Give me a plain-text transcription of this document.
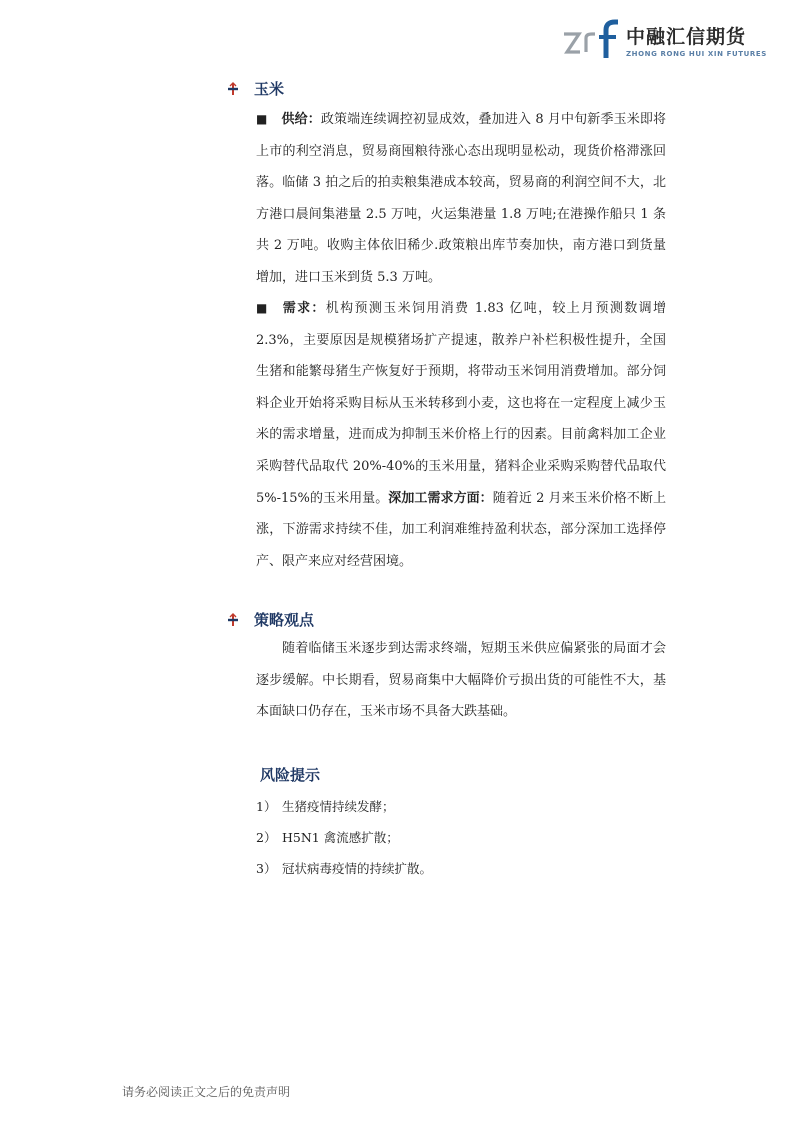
中融汇信期货
ZHONG RONG HUI XIN FUTURES
玉米

■ 供给：政策端连续调控初显成效，叠加进入 8 月中旬新季玉米即将上市的利空消息，贸易商囤粮待涨心态出现明显松动，现货价格滞涨回落。临储 3 拍之后的拍卖粮集港成本较高，贸易商的利润空间不大，北方港口晨间集港量 2.5 万吨，火运集港量 1.8 万吨;在港操作船只 1 条共 2 万吨。收购主体依旧稀少.政策粮出库节奏加快，南方港口到货量增加，进口玉米到货 5.3 万吨。

■ 需求：机构预测玉米饲用消费 1.83 亿吨，较上月预测数调增 2.3%，主要原因是规模猪场扩产提速，散养户补栏积极性提升，全国生猪和能繁母猪生产恢复好于预期，将带动玉米饲用消费增加。部分饲料企业开始将采购目标从玉米转移到小麦，这也将在一定程度上减少玉米的需求增量，进而成为抑制玉米价格上行的因素。目前禽料加工企业采购替代品取代 20%-40%的玉米用量，猪料企业采购采购替代品取代 5%-15%的玉米用量。深加工需求方面：随着近 2 月来玉米价格不断上涨，下游需求持续不佳，加工利润难维持盈利状态，部分深加工选择停产、限产来应对经营困境。

策略观点

随着临储玉米逐步到达需求终端，短期玉米供应偏紧张的局面才会逐步缓解。中长期看，贸易商集中大幅降价亏损出货的可能性不大，基本面缺口仍存在，玉米市场不具备大跌基础。

风险提示
1） 生猪疫情持续发酵；
2） H5N1 禽流感扩散；
3） 冠状病毒疫情的持续扩散。
请务必阅读正文之后的免责声明
